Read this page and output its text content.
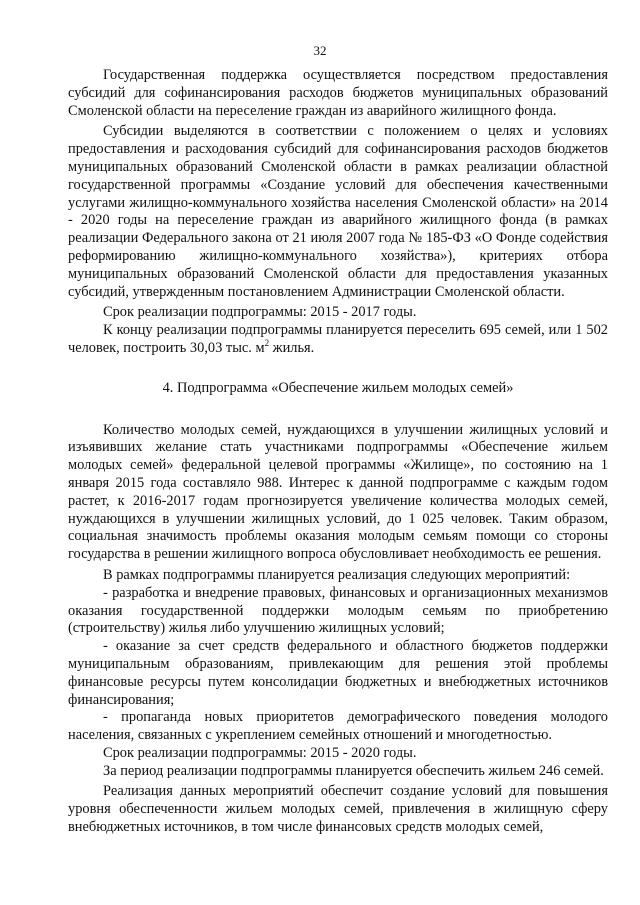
32

Государственная поддержка осуществляется посредством предоставления субсидий для софинансирования расходов бюджетов муниципальных образований Смоленской области на переселение граждан из аварийного жилищного фонда.

Субсидии выделяются в соответствии с положением о целях и условиях предоставления и расходования субсидий для софинансирования расходов бюджетов муниципальных образований Смоленской области в рамках реализации областной государственной программы «Создание условий для обеспечения качественными услугами жилищно-коммунального хозяйства населения Смоленской области» на 2014 - 2020 годы на переселение граждан из аварийного жилищного фонда (в рамках реализации Федерального закона от 21 июля 2007 года № 185-ФЗ «О Фонде содействия реформированию жилищно-коммунального хозяйства»), критериях отбора муниципальных образований Смоленской области для предоставления указанных субсидий, утвержденным постановлением Администрации Смоленской области.

Срок реализации подпрограммы: 2015 - 2017 годы.

К концу реализации подпрограммы планируется переселить 695 семей, или 1 502 человек, построить 30,03 тыс. $м^2$ жилья.

4. Подпрограмма «Обеспечение жильем молодых семей»

Количество молодых семей, нуждающихся в улучшении жилищных условий и изъявивших желание стать участниками подпрограммы «Обеспечение жильем молодых семей» федеральной целевой программы «Жилище», по состоянию на 1 января 2015 года составляло 988. Интерес к данной подпрограмме с каждым годом растет, к 2016-2017 годам прогнозируется увеличение количества молодых семей, нуждающихся в улучшении жилищных условий, до 1 025 человек. Таким образом, социальная значимость проблемы оказания молодым семьям помощи со стороны государства в решении жилищного вопроса обусловливает необходимость ее решения.

В рамках подпрограммы планируется реализация следующих мероприятий:

- разработка и внедрение правовых, финансовых и организационных механизмов оказания государственной поддержки молодым семьям по приобретению (строительству) жилья либо улучшению жилищных условий;

- оказание за счет средств федерального и областного бюджетов поддержки муниципальным образованиям, привлекающим для решения этой проблемы финансовые ресурсы путем консолидации бюджетных и внебюджетных источников финансирования;

- пропаганда новых приоритетов демографического поведения молодого населения, связанных с укреплением семейных отношений и многодетностью.

Срок реализации подпрограммы: 2015 - 2020 годы.

За период реализации подпрограммы планируется обеспечить жильем 246 семей.

Реализация данных мероприятий обеспечит создание условий для повышения уровня обеспеченности жильем молодых семей, привлечения в жилищную сферу внебюджетных источников, в том числе финансовых средств молодых семей,
